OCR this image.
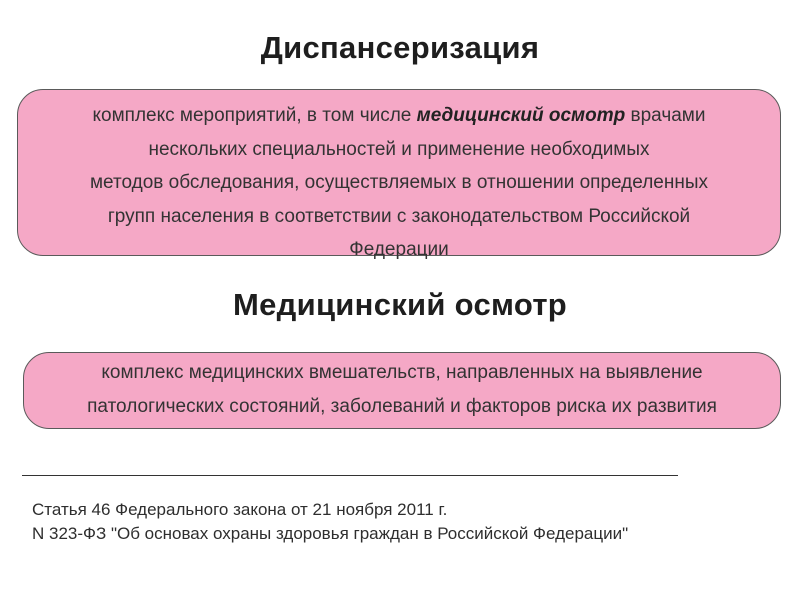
Диспансеризация
комплекс мероприятий, в том числе медицинский осмотр врачами
нескольких специальностей и применение необходимых
методов обследования, осуществляемых в отношении определенных
групп населения в соответствии с законодательством Российской
Федерации
Медицинский осмотр
комплекс медицинских вмешательств, направленных на выявление
патологических состояний, заболеваний и факторов риска их развития
Статья 46 Федерального закона от 21 ноября 2011 г.
N 323-ФЗ "Об основах охраны здоровья граждан в Российской Федерации"
